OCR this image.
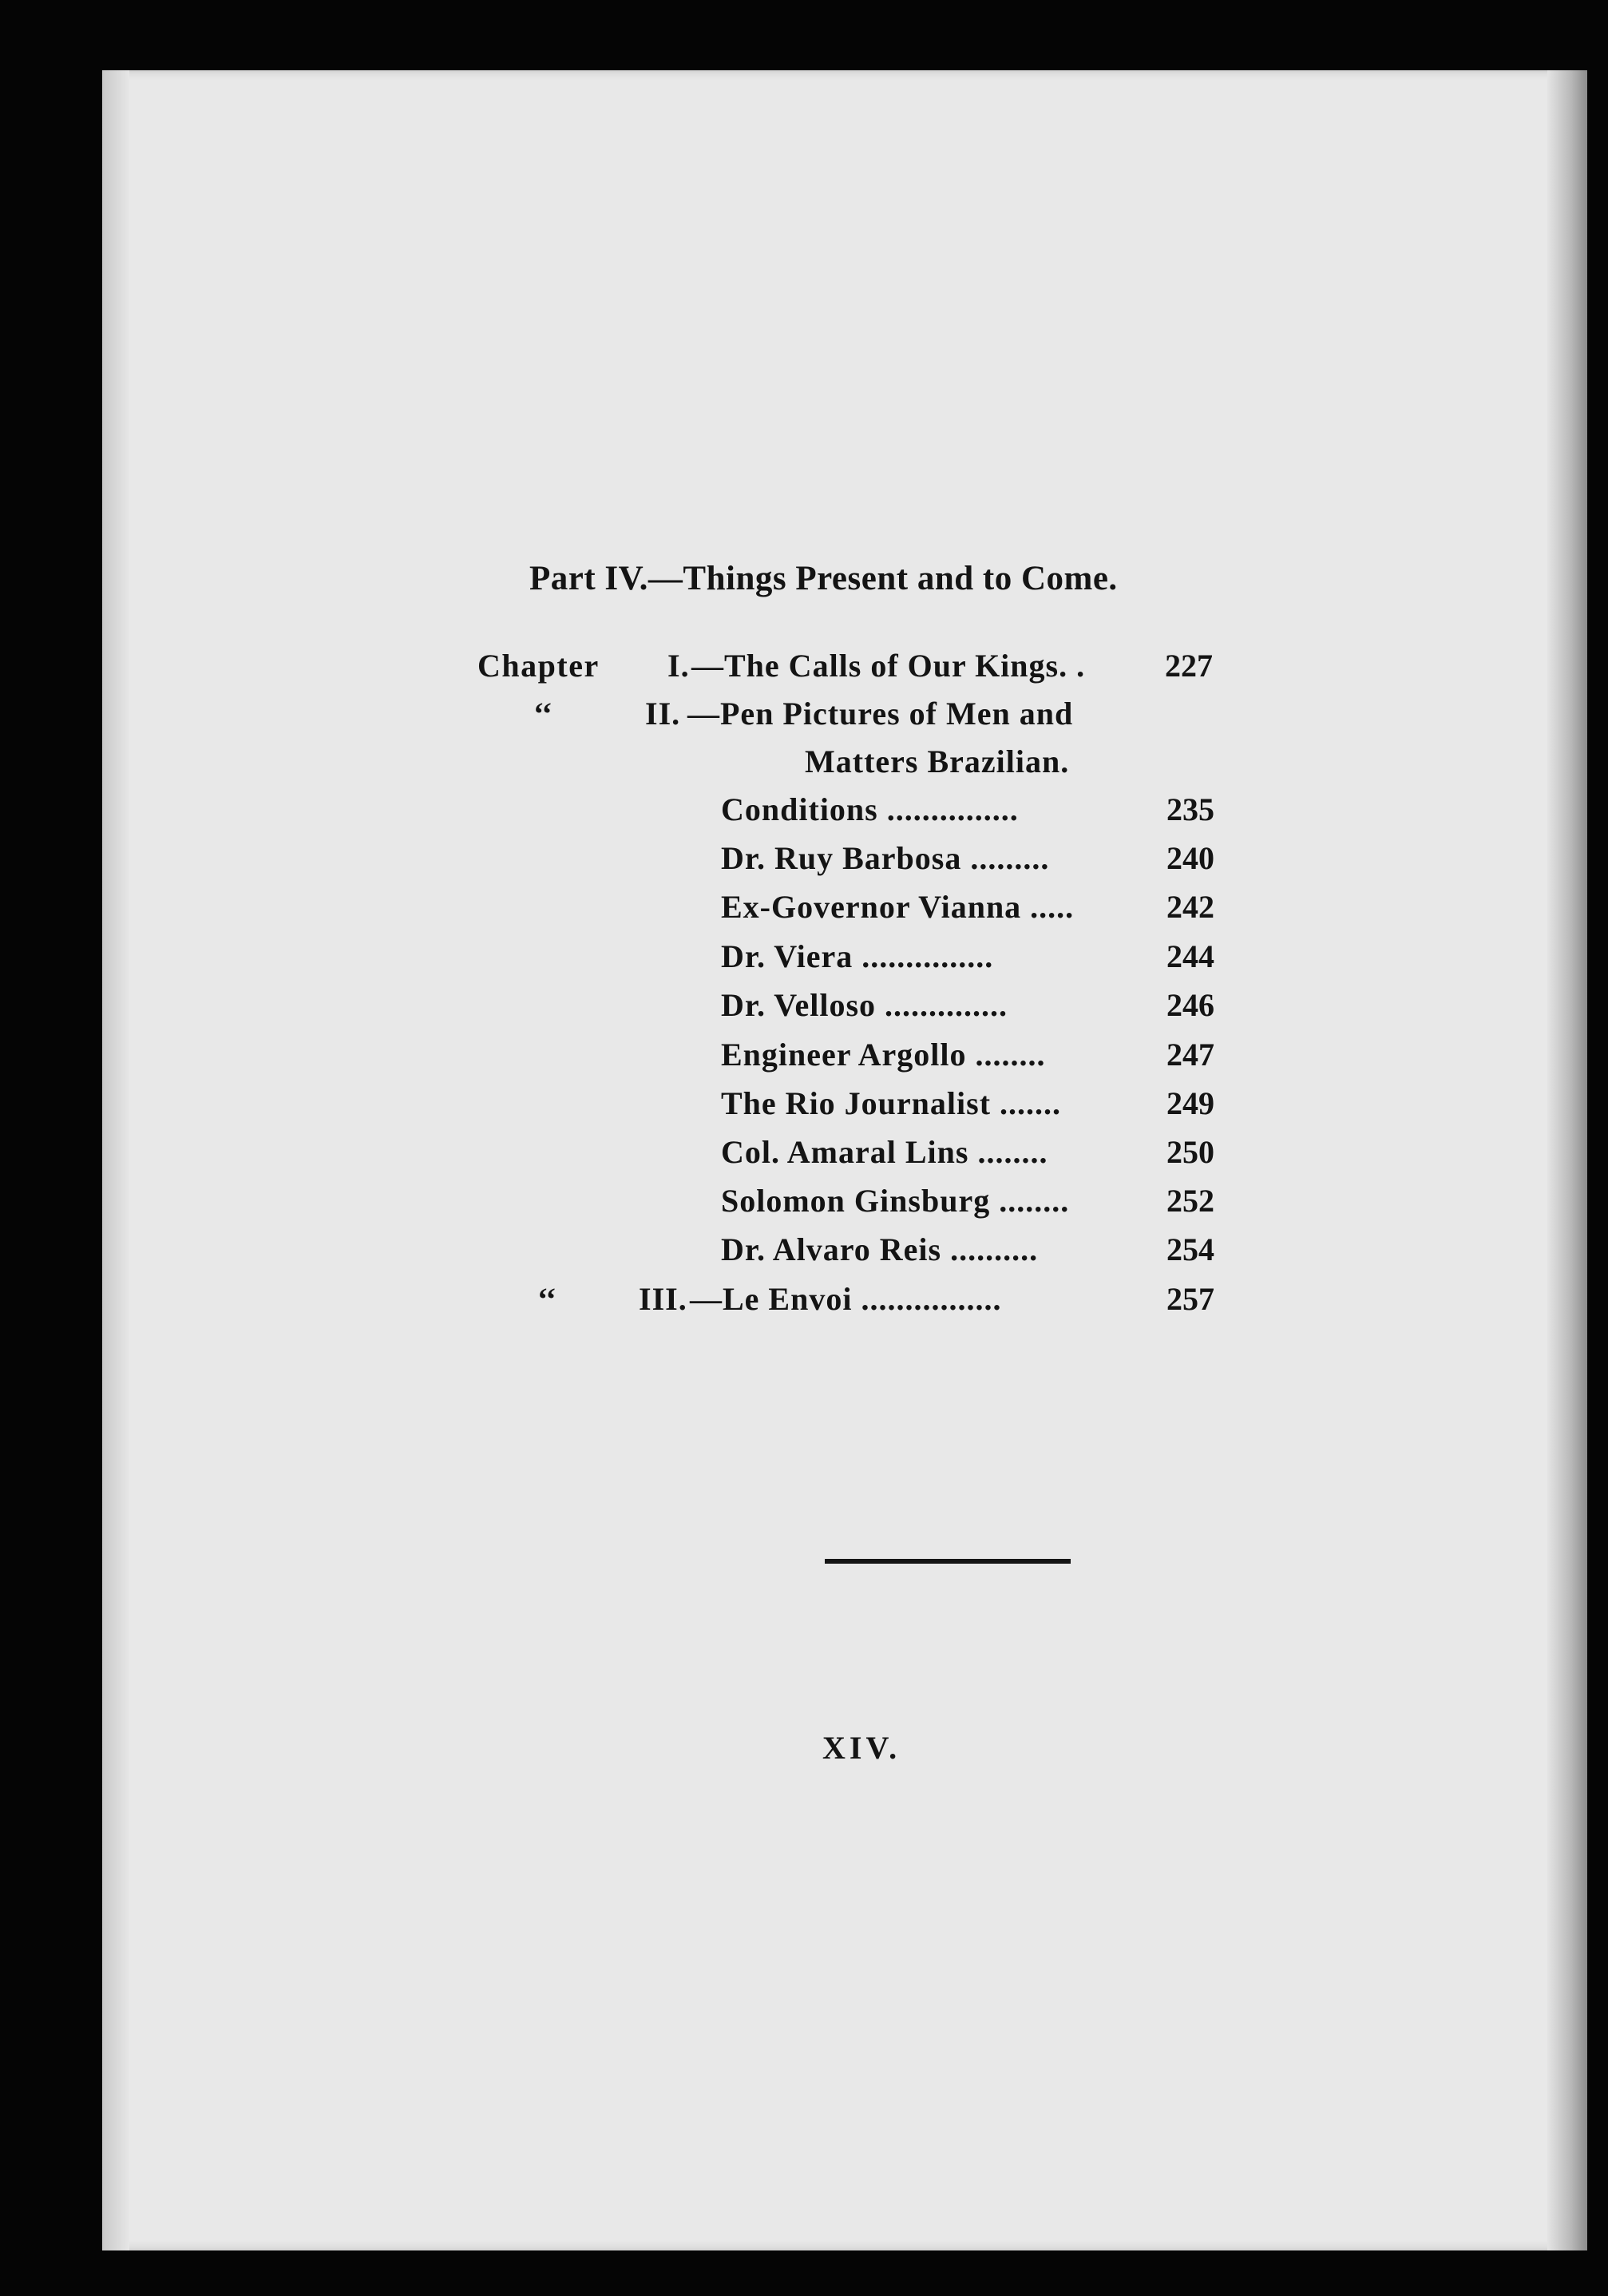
Part IV.—Things Present and to Come.
Chapter I. —The Calls of Our Kings. . 227
‘‘	II. —Pen Pictures of Men and
Matters Brazilian.
Conditions ...............	235
Dr. Ruy Barbosa .........	240
Ex-Governor Vianna .....	242
Dr. Viera ...............	244
Dr. Velloso ..............	246
Engineer Argollo ........	247
The Rio Journalist .......	249
Col. Amaral Lins ........	250
Solomon Ginsburg ........	252
Dr. Alvaro Reis ..........	254
‘‘	III. —Le Envoi ................	257
XIV.
